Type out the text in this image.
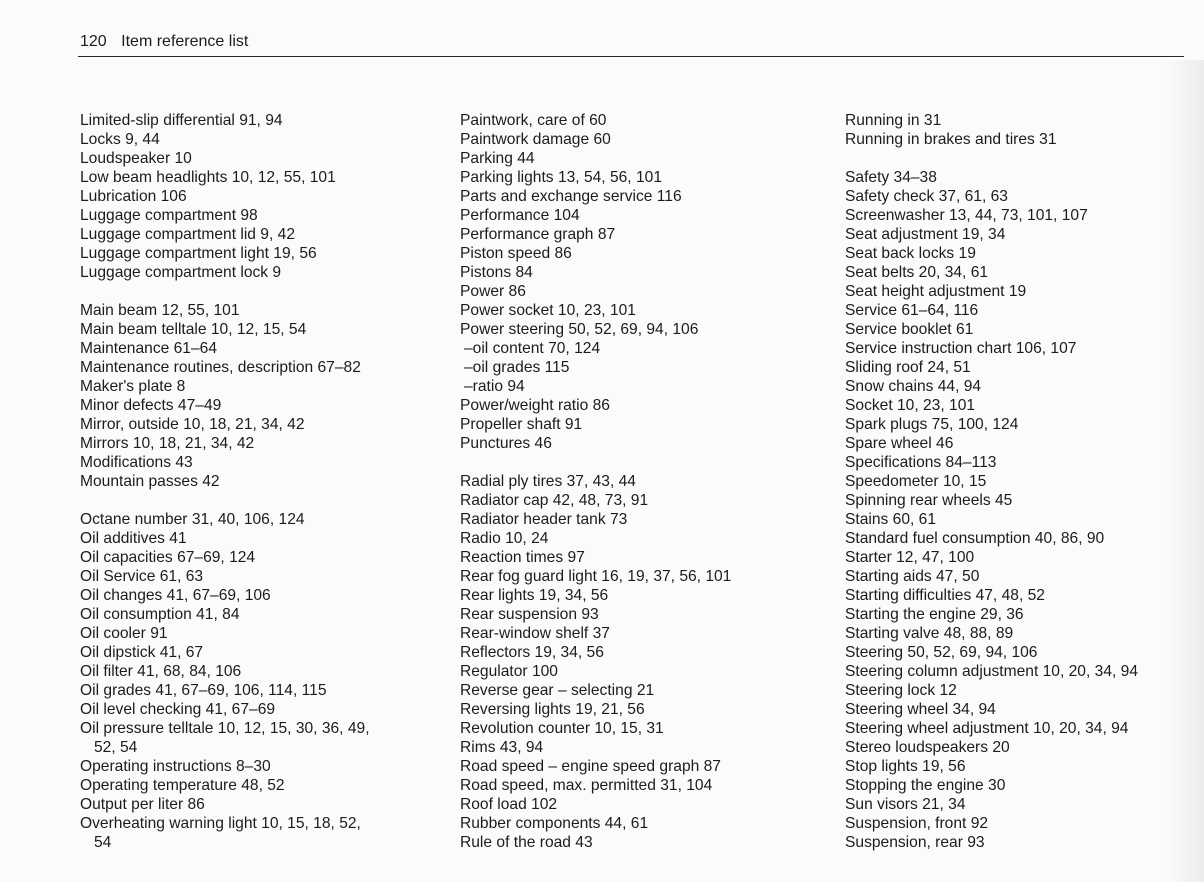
120 Item reference list
Limited-slip differential 91, 94
Locks 9, 44
Loudspeaker 10
Low beam headlights 10, 12, 55, 101
Lubrication 106
Luggage compartment 98
Luggage compartment lid 9, 42
Luggage compartment light 19, 56
Luggage compartment lock 9
Main beam 12, 55, 101
Main beam telltale 10, 12, 15, 54
Maintenance 61–64
Maintenance routines, description 67–82
Maker's plate 8
Minor defects 47–49
Mirror, outside 10, 18, 21, 34, 42
Mirrors 10, 18, 21, 34, 42
Modifications 43
Mountain passes 42
Octane number 31, 40, 106, 124
Oil additives 41
Oil capacities 67–69, 124
Oil Service 61, 63
Oil changes 41, 67–69, 106
Oil consumption 41, 84
Oil cooler 91
Oil dipstick 41, 67
Oil filter 41, 68, 84, 106
Oil grades 41, 67–69, 106, 114, 115
Oil level checking 41, 67–69
Oil pressure telltale 10, 12, 15, 30, 36, 49,
52, 54
Operating instructions 8–30
Operating temperature 48, 52
Output per liter 86
Overheating warning light 10, 15, 18, 52,
54
Paintwork, care of 60
Paintwork damage 60
Parking 44
Parking lights 13, 54, 56, 101
Parts and exchange service 116
Performance 104
Performance graph 87
Piston speed 86
Pistons 84
Power 86
Power socket 10, 23, 101
Power steering 50, 52, 69, 94, 106
–oil content 70, 124
–oil grades 115
–ratio 94
Power/weight ratio 86
Propeller shaft 91
Punctures 46
Radial ply tires 37, 43, 44
Radiator cap 42, 48, 73, 91
Radiator header tank 73
Radio 10, 24
Reaction times 97
Rear fog guard light 16, 19, 37, 56, 101
Rear lights 19, 34, 56
Rear suspension 93
Rear-window shelf 37
Reflectors 19, 34, 56
Regulator 100
Reverse gear – selecting 21
Reversing lights 19, 21, 56
Revolution counter 10, 15, 31
Rims 43, 94
Road speed – engine speed graph 87
Road speed, max. permitted 31, 104
Roof load 102
Rubber components 44, 61
Rule of the road 43
Running in 31
Running in brakes and tires 31
Safety 34–38
Safety check 37, 61, 63
Screenwasher 13, 44, 73, 101, 107
Seat adjustment 19, 34
Seat back locks 19
Seat belts 20, 34, 61
Seat height adjustment 19
Service 61–64, 116
Service booklet 61
Service instruction chart 106, 107
Sliding roof 24, 51
Snow chains 44, 94
Socket 10, 23, 101
Spark plugs 75, 100, 124
Spare wheel 46
Specifications 84–113
Speedometer 10, 15
Spinning rear wheels 45
Stains 60, 61
Standard fuel consumption 40, 86, 90
Starter 12, 47, 100
Starting aids 47, 50
Starting difficulties 47, 48, 52
Starting the engine 29, 36
Starting valve 48, 88, 89
Steering 50, 52, 69, 94, 106
Steering column adjustment 10, 20, 34, 94
Steering lock 12
Steering wheel 34, 94
Steering wheel adjustment 10, 20, 34, 94
Stereo loudspeakers 20
Stop lights 19, 56
Stopping the engine 30
Sun visors 21, 34
Suspension, front 92
Suspension, rear 93
